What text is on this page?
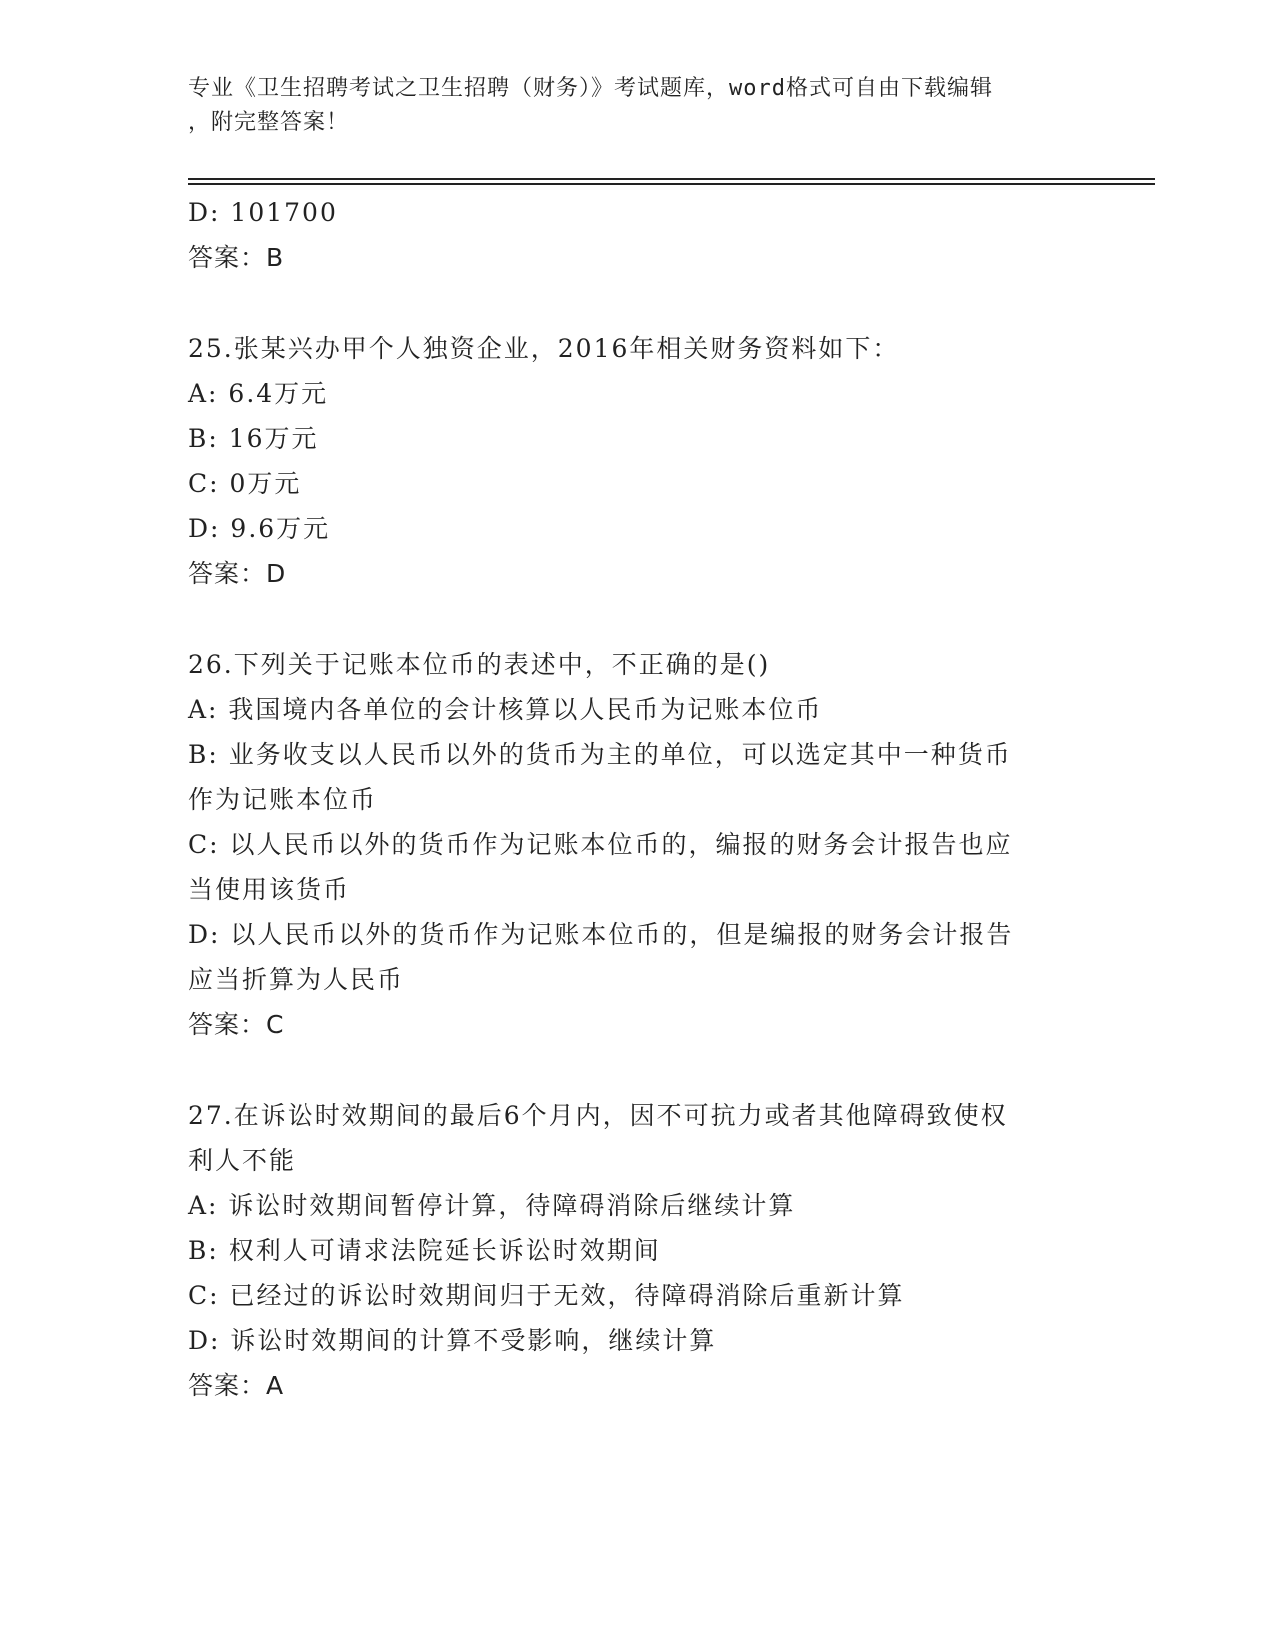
专业《卫生招聘考试之卫生招聘（财务）》考试题库，word格式可自由下载编辑
，附完整答案！
D: 101700
答案：B
25.张某兴办甲个人独资企业，2016年相关财务资料如下：
A: 6.4万元
B: 16万元
C: 0万元
D: 9.6万元
答案：D
26.下列关于记账本位币的表述中，不正确的是()
A: 我国境内各单位的会计核算以人民币为记账本位币
B: 业务收支以人民币以外的货币为主的单位，可以选定其中一种货币
作为记账本位币
C: 以人民币以外的货币作为记账本位币的，编报的财务会计报告也应
当使用该货币
D: 以人民币以外的货币作为记账本位币的，但是编报的财务会计报告
应当折算为人民币
答案：C
27.在诉讼时效期间的最后6个月内，因不可抗力或者其他障碍致使权
利人不能
A: 诉讼时效期间暂停计算，待障碍消除后继续计算
B: 权利人可请求法院延长诉讼时效期间
C: 已经过的诉讼时效期间归于无效，待障碍消除后重新计算
D: 诉讼时效期间的计算不受影响，继续计算
答案：A
